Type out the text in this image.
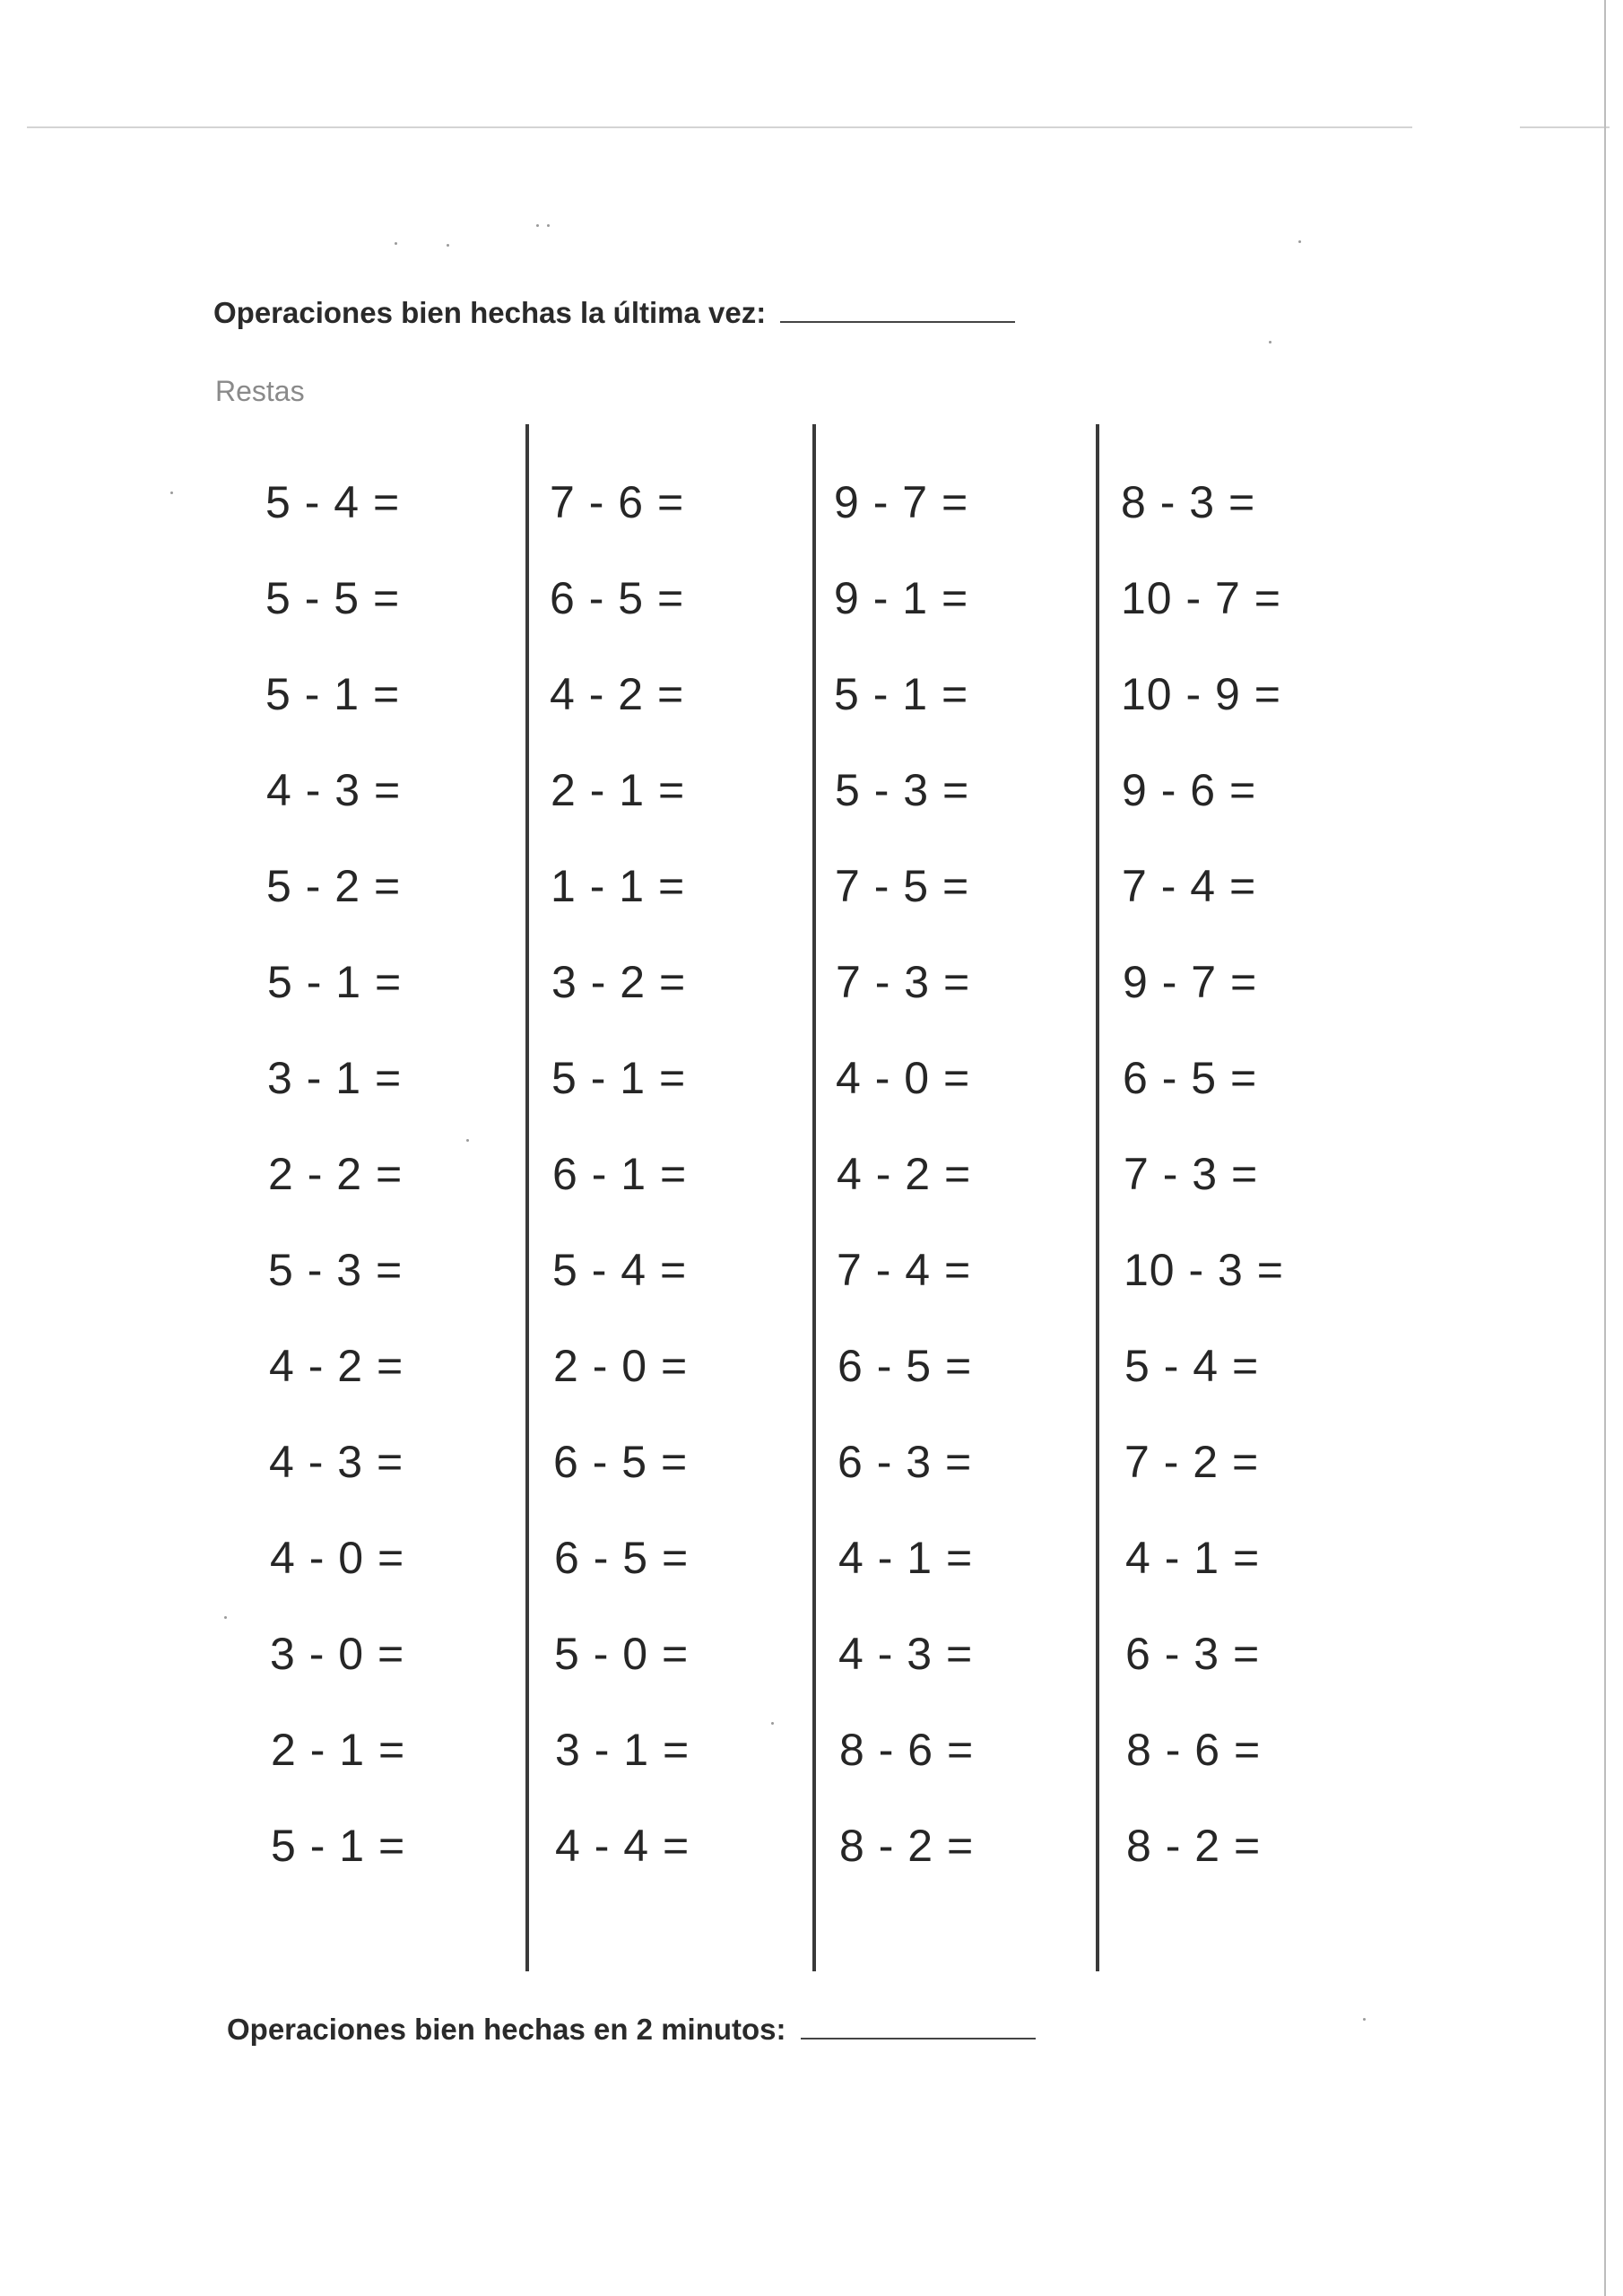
Operaciones bien hechas la última vez:
Restas
5 - 4 =
5 - 5 =
5 - 1 =
4 - 3 =
5 - 2 =
5 - 1 =
3 - 1 =
2 - 2 =
5 - 3 =
4 - 2 =
4 - 3 =
4 - 0 =
3 - 0 =
2 - 1 =
5 - 1 =
7 - 6 =
6 - 5 =
4 - 2 =
2 - 1 =
1 - 1 =
3 - 2 =
5 - 1 =
6 - 1 =
5 - 4 =
2 - 0 =
6 - 5 =
6 - 5 =
5 - 0 =
3 - 1 =
4 - 4 =
9 - 7 =
9 - 1 =
5 - 1 =
5 - 3 =
7 - 5 =
7 - 3 =
4 - 0 =
4 - 2 =
7 - 4 =
6 - 5 =
6 - 3 =
4 - 1 =
4 - 3 =
8 - 6 =
8 - 2 =
8 - 3 =
10 - 7 =
10 - 9 =
9 - 6 =
7 - 4 =
9 - 7 =
6 - 5 =
7 - 3 =
10 - 3 =
5 - 4 =
7 - 2 =
4 - 1 =
6 - 3 =
8 - 6 =
8 - 2 =
Operaciones bien hechas en 2 minutos:
